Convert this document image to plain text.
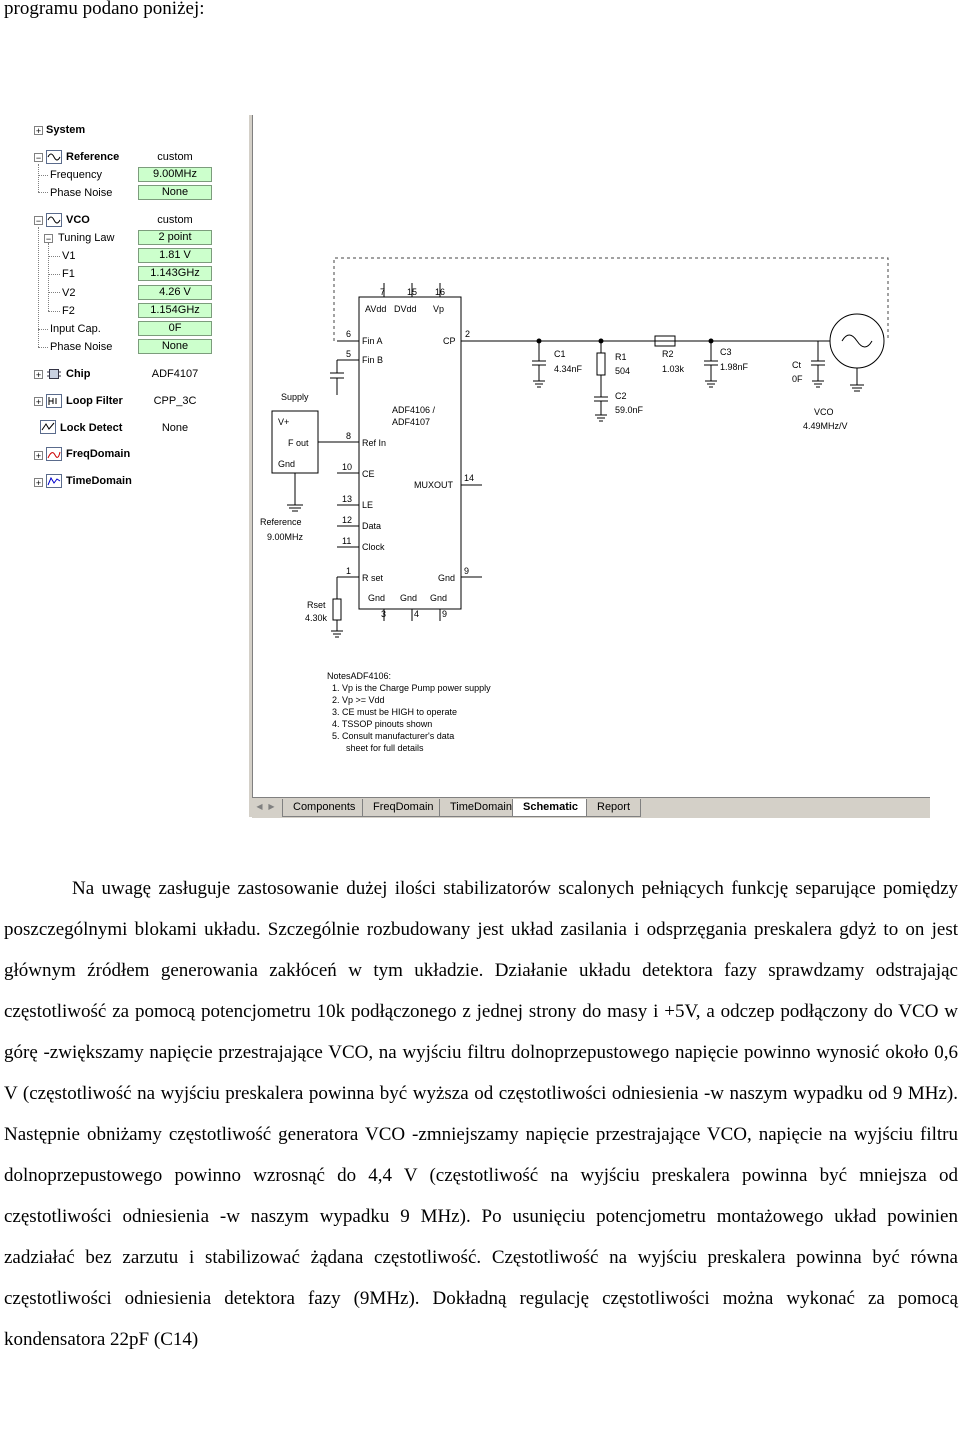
programu podano poniżej:
+ System
− Reference	custom
Frequency	9.00MHz
Phase Noise	None
− VCO	custom
− Tuning Law	2 point
V1	1.81 V
F1	1.143GHz
V2	4.26 V
F2	1.154GHz
Input Cap.	0F
Phase Noise	None
+ Chip	ADF4107
+ Loop Filter	CPP_3C
Lock Detect	None
+ FreqDomain
+ TimeDomain
7 15 16
AVdd DVdd Vp
6
Fin A	CP
2
5
Fin B
ADF4106 /
ADF4107
Supply
V+
F out
Gnd
8
Ref In
10
CE
MUXOUT
14
13
LE
Reference
9.00MHz
12
Data
11
Clock
1
R set	Gnd
9
Gnd Gnd Gnd
Rset
4.30k	3	4	9
C1
4.34nF
R1
504
C2
59.0nF
R2
1.03k
C3
1.98nF	Ct
0F
VCO
4.49MHz/V
NotesADF4106:
1. Vp is the Charge Pump power supply
2. Vp >= Vdd
3. CE must be HIGH to operate
4. TSSOP pinouts shown
5. Consult manufacturer's data
sheet for full details
◀ ▶	Components	FreqDomain	TimeDomain	Schematic	Report

Na uwagę zasługuje zastosowanie dużej ilości stabilizatorów scalonych pełniących funkcję separujące pomiędzy poszczególnymi blokami układu. Szczególnie rozbudowany jest układ zasilania i odsprzęgania preskalera gdyż to on jest głównym źródłem generowania zakłóceń w tym układzie. Działanie układu detektora fazy sprawdzamy odstrajając częstotliwość za pomocą potencjometru 10k podłączonego z jednej strony do masy i +5V, a odczep podłączony do VCO w górę -zwiększamy napięcie przestrajające VCO, na wyjściu filtru dolnoprzepustowego napięcie powinno wynosić około 0,6 V (częstotliwość na wyjściu preskalera powinna być wyższa od częstotliwości odniesienia -w naszym wypadku od 9 MHz). Następnie obniżamy częstotliwość generatora VCO -zmniejszamy napięcie przestrajające VCO, napięcie na wyjściu filtru dolnoprzepustowego powinno wzrosnąć do 4,4 V (częstotliwość na wyjściu preskalera powinna być mniejsza od częstotliwości odniesienia -w naszym wypadku 9 MHz). Po usunięciu potencjometru montażowego układ powinien zadziałać bez zarzutu i stabilizować żądana częstotliwość. Częstotliwość na wyjściu preskalera powinna być równa częstotliwości odniesienia detektora fazy (9MHz). Dokładną regulację częstotliwości można wykonać za pomocą kondensatora 22pF (C14)
